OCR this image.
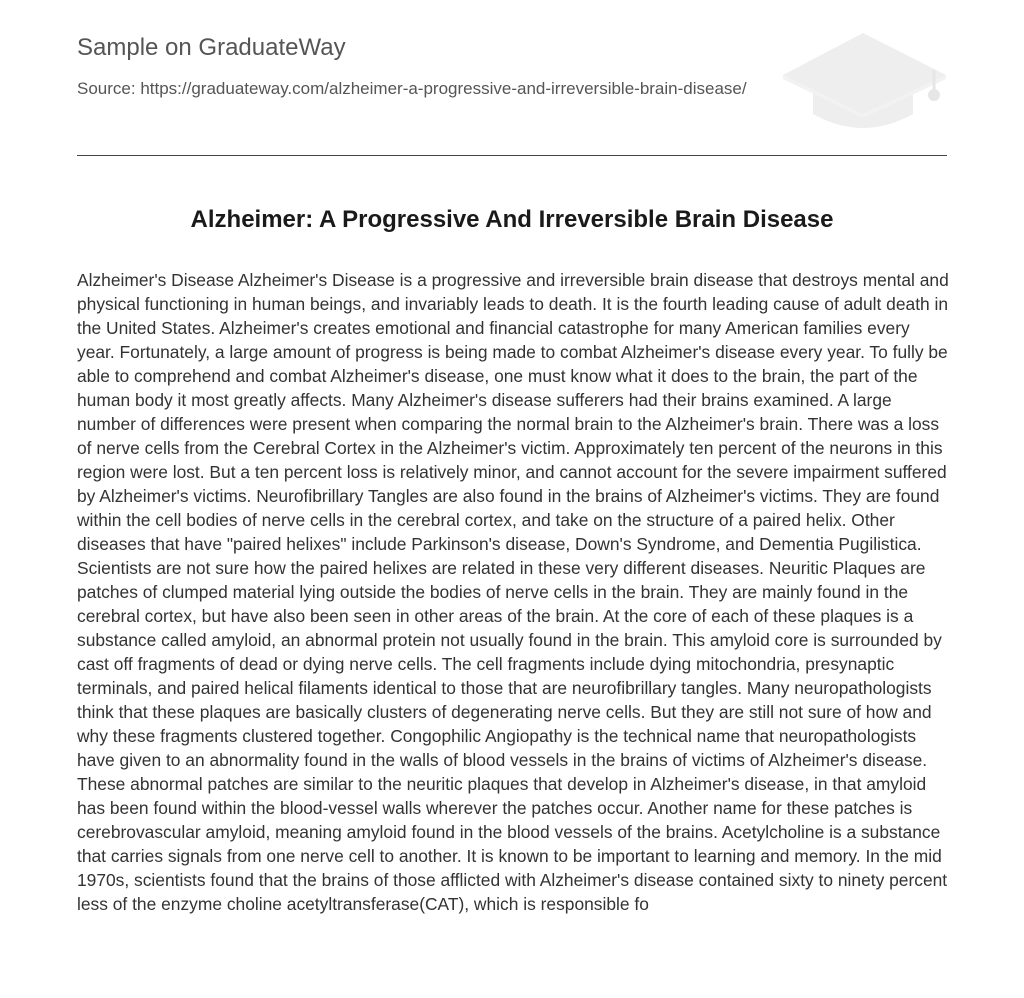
Sample on GraduateWay
Source: https://graduateway.com/alzheimer-a-progressive-and-irreversible-brain-disease/
Alzheimer: A Progressive And Irreversible Brain Disease

Alzheimer's Disease Alzheimer's Disease is a progressive and irreversible brain disease that destroys mental and physical functioning in human beings, and invariably leads to death. It is the fourth leading cause of adult death in the United States. Alzheimer's creates emotional and financial catastrophe for many American families every year. Fortunately, a large amount of progress is being made to combat Alzheimer's disease every year. To fully be able to comprehend and combat Alzheimer's disease, one must know what it does to the brain, the part of the human body it most greatly affects. Many Alzheimer's disease sufferers had their brains examined. A large number of differences were present when comparing the normal brain to the Alzheimer's brain. There was a loss of nerve cells from the Cerebral Cortex in the Alzheimer's victim. Approximately ten percent of the neurons in this region were lost. But a ten percent loss is relatively minor, and cannot account for the severe impairment suffered by Alzheimer's victims. Neurofibrillary Tangles are also found in the brains of Alzheimer's victims. They are found within the cell bodies of nerve cells in the cerebral cortex, and take on the structure of a paired helix. Other diseases that have "paired helixes" include Parkinson's disease, Down's Syndrome, and Dementia Pugilistica. Scientists are not sure how the paired helixes are related in these very different diseases. Neuritic Plaques are patches of clumped material lying outside the bodies of nerve cells in the brain. They are mainly found in the cerebral cortex, but have also been seen in other areas of the brain. At the core of each of these plaques is a substance called amyloid, an abnormal protein not usually found in the brain. This amyloid core is surrounded by cast off fragments of dead or dying nerve cells. The cell fragments include dying mitochondria, presynaptic terminals, and paired helical filaments identical to those that are neurofibrillary tangles. Many neuropathologists think that these plaques are basically clusters of degenerating nerve cells. But they are still not sure of how and why these fragments clustered together. Congophilic Angiopathy is the technical name that neuropathologists have given to an abnormality found in the walls of blood vessels in the brains of victims of Alzheimer's disease. These abnormal patches are similar to the neuritic plaques that develop in Alzheimer's disease, in that amyloid has been found within the blood-vessel walls wherever the patches occur. Another name for these patches is cerebrovascular amyloid, meaning amyloid found in the blood vessels of the brains. Acetylcholine is a substance that carries signals from one nerve cell to another. It is known to be important to learning and memory. In the mid 1970s, scientists found that the brains of those afflicted with Alzheimer's disease contained sixty to ninety percent less of the enzyme choline acetyltransferase(CAT), which is responsible fo
